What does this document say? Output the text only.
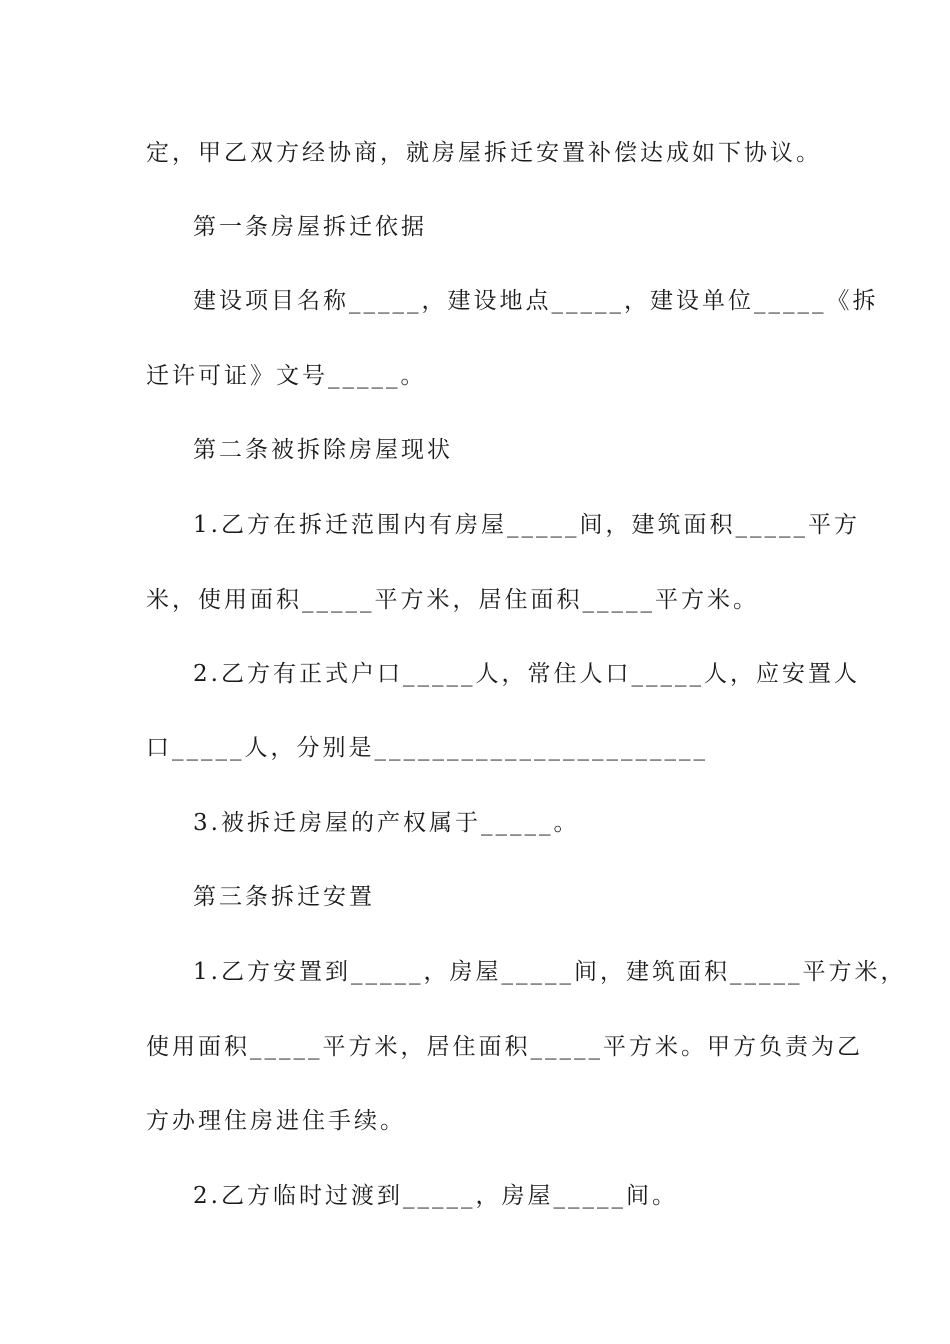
定，甲乙双方经协商，就房屋拆迁安置补偿达成如下协议。
第一条房屋拆迁依据
建设项目名称_____，建设地点_____，建设单位_____《拆
迁许可证》文号_____。
第二条被拆除房屋现状
1.乙方在拆迁范围内有房屋_____间，建筑面积_____平方
米，使用面积_____平方米，居住面积_____平方米。
2.乙方有正式户口_____人，常住人口_____人，应安置人
口_____人，分别是_______________________
3.被拆迁房屋的产权属于_____。
第三条拆迁安置
1.乙方安置到_____，房屋_____间，建筑面积_____平方米，
使用面积_____平方米，居住面积_____平方米。甲方负责为乙
方办理住房进住手续。
2.乙方临时过渡到_____，房屋_____间。
